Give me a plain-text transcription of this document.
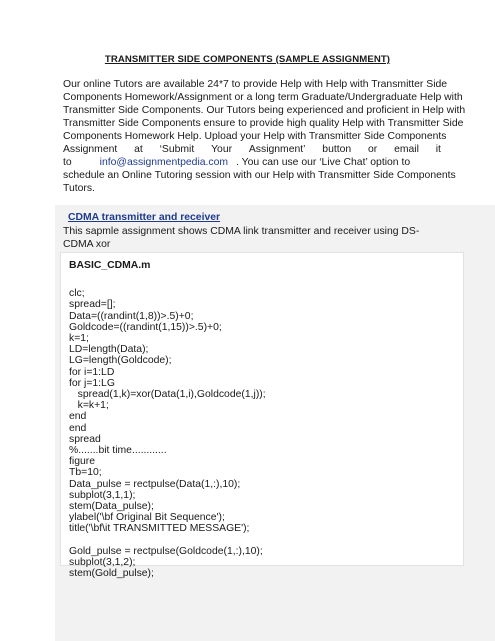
TRANSMITTER SIDE COMPONENTS (SAMPLE ASSIGNMENT)
Our online Tutors are available 24*7 to provide Help with Help with Transmitter Side
Components Homework/Assignment or a long term Graduate/Undergraduate Help with
Transmitter Side Components. Our Tutors being experienced and proficient in Help with
Transmitter Side Components ensure to provide high quality Help with Transmitter Side
Components Homework Help. Upload your Help with Transmitter Side Components
Assignment at ‘Submit Your Assignment’ button or email it
to	info@assignmentpedia.com . You can use our ‘Live Chat’ option to
schedule an Online Tutoring session with our Help with Transmitter Side Components
Tutors.
CDMA transmitter and receiver
This sapmle assignment shows CDMA link transmitter and receiver using DS-CDMA xor
BASIC_CDMA.m

clc;
spread=[];
Data=((randint(1,8))>.5)+0;
Goldcode=((randint(1,15))>.5)+0;
k=1;
LD=length(Data);
LG=length(Goldcode);
for i=1:LD
for j=1:LG
spread(1,k)=xor(Data(1,i),Goldcode(1,j));
k=k+1;
end
end
spread
%.......bit time............
figure
Tb=10;
Data_pulse = rectpulse(Data(1,:),10);
subplot(3,1,1);
stem(Data_pulse);
ylabel('\bf Original Bit Sequence');
title('\bf\it TRANSMITTED MESSAGE');

Gold_pulse = rectpulse(Goldcode(1,:),10);
subplot(3,1,2);
stem(Gold_pulse);
